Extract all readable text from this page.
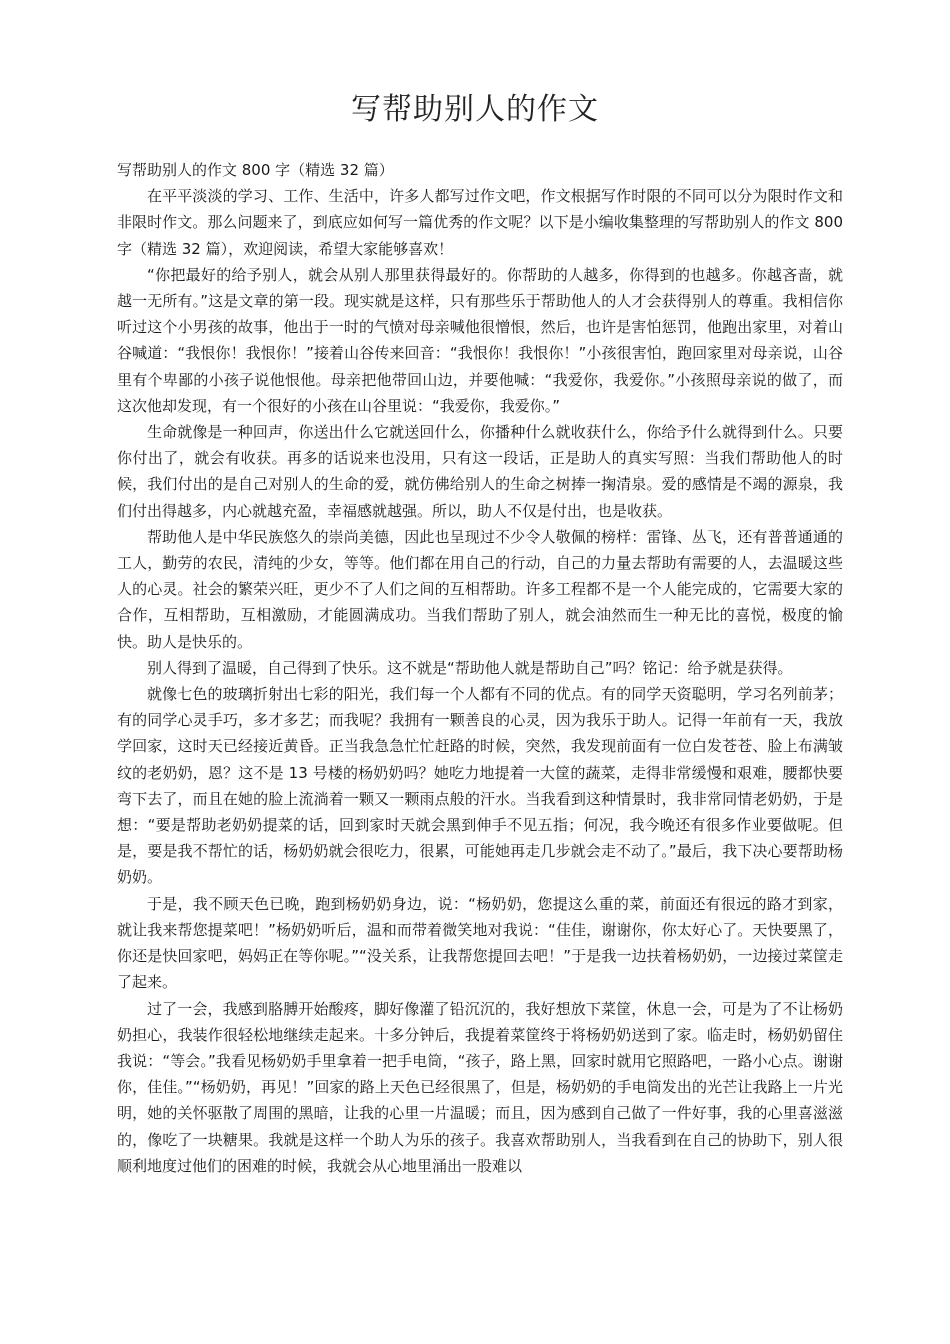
写帮助别人的作文

写帮助别人的作文 800 字（精选 32 篇）

在平平淡淡的学习、工作、生活中，许多人都写过作文吧，作文根据写作时限的不同可以分为限时作文和非限时作文。那么问题来了，到底应如何写一篇优秀的作文呢？以下是小编收集整理的写帮助别人的作文 800 字（精选 32 篇），欢迎阅读，希望大家能够喜欢！

“你把最好的给予别人，就会从别人那里获得最好的。你帮助的人越多，你得到的也越多。你越吝啬，就越一无所有。”这是文章的第一段。现实就是这样，只有那些乐于帮助他人的人才会获得别人的尊重。我相信你听过这个小男孩的故事，他出于一时的气愤对母亲喊他很憎恨，然后，也许是害怕惩罚，他跑出家里，对着山谷喊道：“我恨你！我恨你！”接着山谷传来回音：“我恨你！我恨你！”小孩很害怕，跑回家里对母亲说，山谷里有个卑鄙的小孩子说他恨他。母亲把他带回山边，并要他喊：“我爱你，我爱你。”小孩照母亲说的做了，而这次他却发现，有一个很好的小孩在山谷里说：“我爱你，我爱你。”

生命就像是一种回声，你送出什么它就送回什么，你播种什么就收获什么，你给予什么就得到什么。只要你付出了，就会有收获。再多的话说来也没用，只有这一段话，正是助人的真实写照：当我们帮助他人的时候，我们付出的是自己对别人的生命的爱，就仿佛给别人的生命之树捧一掬清泉。爱的感情是不竭的源泉，我们付出得越多，内心就越充盈，幸福感就越强。所以，助人不仅是付出，也是收获。

帮助他人是中华民族悠久的崇尚美德，因此也呈现过不少令人敬佩的榜样：雷锋、丛飞，还有普普通通的工人，勤劳的农民，清纯的少女，等等。他们都在用自己的行动，自己的力量去帮助有需要的人，去温暖这些人的心灵。社会的繁荣兴旺，更少不了人们之间的互相帮助。许多工程都不是一个人能完成的，它需要大家的合作，互相帮助，互相激励，才能圆满成功。当我们帮助了别人，就会油然而生一种无比的喜悦，极度的愉快。助人是快乐的。

别人得到了温暖，自己得到了快乐。这不就是“帮助他人就是帮助自己”吗？铭记：给予就是获得。

就像七色的玻璃折射出七彩的阳光，我们每一个人都有不同的优点。有的同学天资聪明，学习名列前茅；有的同学心灵手巧，多才多艺；而我呢？我拥有一颗善良的心灵，因为我乐于助人。记得一年前有一天，我放学回家，这时天已经接近黄昏。正当我急急忙忙赶路的时候，突然，我发现前面有一位白发苍苍、脸上布满皱纹的老奶奶，恩？这不是 13 号楼的杨奶奶吗？她吃力地提着一大筐的蔬菜，走得非常缓慢和艰难，腰都快要弯下去了，而且在她的脸上流淌着一颗又一颗雨点般的汗水。当我看到这种情景时，我非常同情老奶奶，于是想：“要是帮助老奶奶提菜的话，回到家时天就会黑到伸手不见五指；何况，我今晚还有很多作业要做呢。但是，要是我不帮忙的话，杨奶奶就会很吃力，很累，可能她再走几步就会走不动了。”最后，我下决心要帮助杨奶奶。

于是，我不顾天色已晚，跑到杨奶奶身边，说：“杨奶奶，您提这么重的菜，前面还有很远的路才到家，就让我来帮您提菜吧！”杨奶奶听后，温和而带着微笑地对我说：“佳佳，谢谢你，你太好心了。天快要黑了，你还是快回家吧，妈妈正在等你呢。”“没关系，让我帮您提回去吧！”于是我一边扶着杨奶奶，一边接过菜筐走了起来。

过了一会，我感到胳膊开始酸疼，脚好像灌了铅沉沉的，我好想放下菜筐，休息一会，可是为了不让杨奶奶担心，我装作很轻松地继续走起来。十多分钟后，我提着菜筐终于将杨奶奶送到了家。临走时，杨奶奶留住我说：“等会。”我看见杨奶奶手里拿着一把手电筒，“孩子，路上黑，回家时就用它照路吧，一路小心点。谢谢你，佳佳。”“杨奶奶，再见！”回家的路上天色已经很黑了，但是，杨奶奶的手电筒发出的光芒让我路上一片光明，她的关怀驱散了周围的黑暗，让我的心里一片温暖；而且，因为感到自己做了一件好事，我的心里喜滋滋的，像吃了一块糖果。我就是这样一个助人为乐的孩子。我喜欢帮助别人，当我看到在自己的协助下，别人很顺利地度过他们的困难的时候，我就会从心地里涌出一股难以
